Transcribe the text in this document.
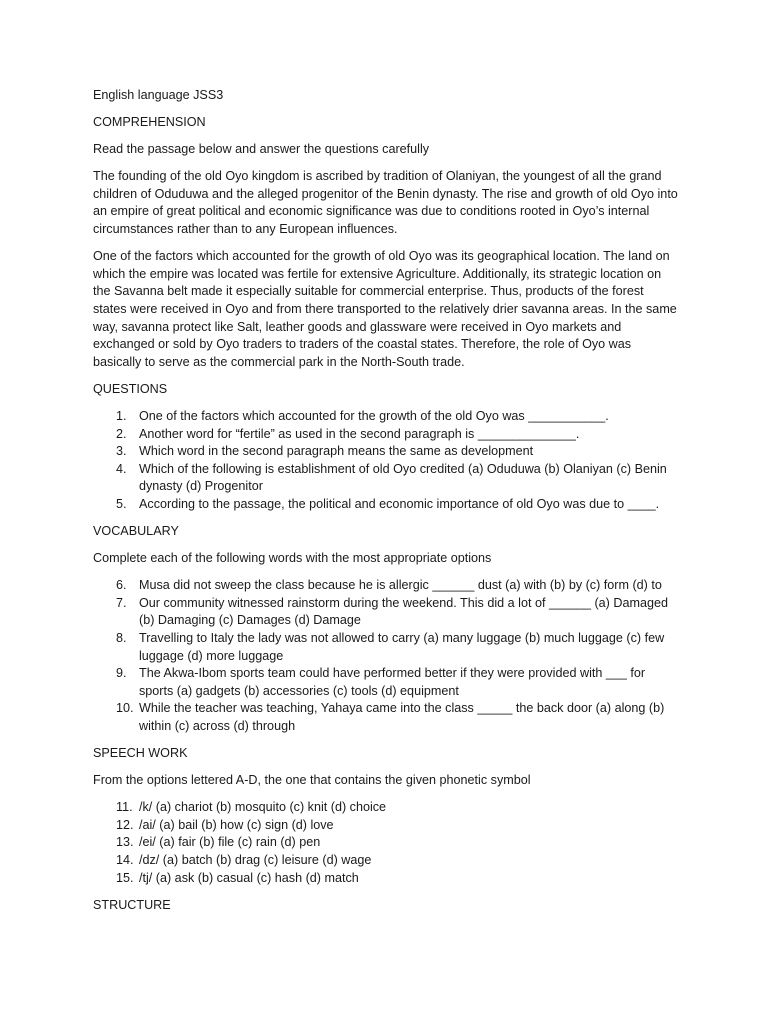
English language JSS3
COMPREHENSION
Read the passage below and answer the questions carefully
The founding of the old Oyo kingdom is ascribed by tradition of Olaniyan, the youngest of all the grand children of Oduduwa and the alleged progenitor of the Benin dynasty. The rise and growth of old Oyo into an empire of great political and economic significance was due to conditions rooted in Oyo’s internal circumstances rather than to any European influences.
One of the factors which accounted for the growth of old Oyo was its geographical location. The land on which the empire was located was fertile for extensive Agriculture. Additionally, its strategic location on the Savanna belt made it especially suitable for commercial enterprise. Thus, products of the forest states were received in Oyo and from there transported to the relatively drier savanna areas. In the same way, savanna protect like Salt, leather goods and glassware were received in Oyo markets and exchanged or sold by Oyo traders to traders of the coastal states. Therefore, the role of Oyo was basically to serve as the commercial park in the North-South trade.
QUESTIONS
1. One of the factors which accounted for the growth of the old Oyo was ___________.
2. Another word for “fertile” as used in the second paragraph is ______________.
3. Which word in the second paragraph means the same as development
4. Which of the following is establishment of old Oyo credited (a) Oduduwa (b) Olaniyan (c) Benin dynasty (d) Progenitor
5. According to the passage, the political and economic importance of old Oyo was due to ____.
VOCABULARY
Complete each of the following words with the most appropriate options
6. Musa did not sweep the class because he is allergic ______ dust (a) with (b) by (c) form (d) to
7. Our community witnessed rainstorm during the weekend. This did a lot of ______ (a) Damaged (b) Damaging (c) Damages (d) Damage
8. Travelling to Italy the lady was not allowed to carry (a) many luggage (b) much luggage (c) few luggage (d) more luggage
9. The Akwa-Ibom sports team could have performed better if they were provided with ___ for sports (a) gadgets (b) accessories (c) tools (d) equipment
10. While the teacher was teaching, Yahaya came into the class _____ the back door (a) along (b) within (c) across (d) through
SPEECH WORK
From the options lettered A-D, the one that contains the given phonetic symbol
11. /k/ (a) chariot (b) mosquito (c) knit (d) choice
12. /ai/ (a) bail (b) how (c) sign (d) love
13. /ei/ (a) fair (b) file (c) rain (d) pen
14. /dz/ (a) batch (b) drag (c) leisure (d) wage
15. /tj/ (a) ask (b) casual (c) hash (d) match
STRUCTURE
